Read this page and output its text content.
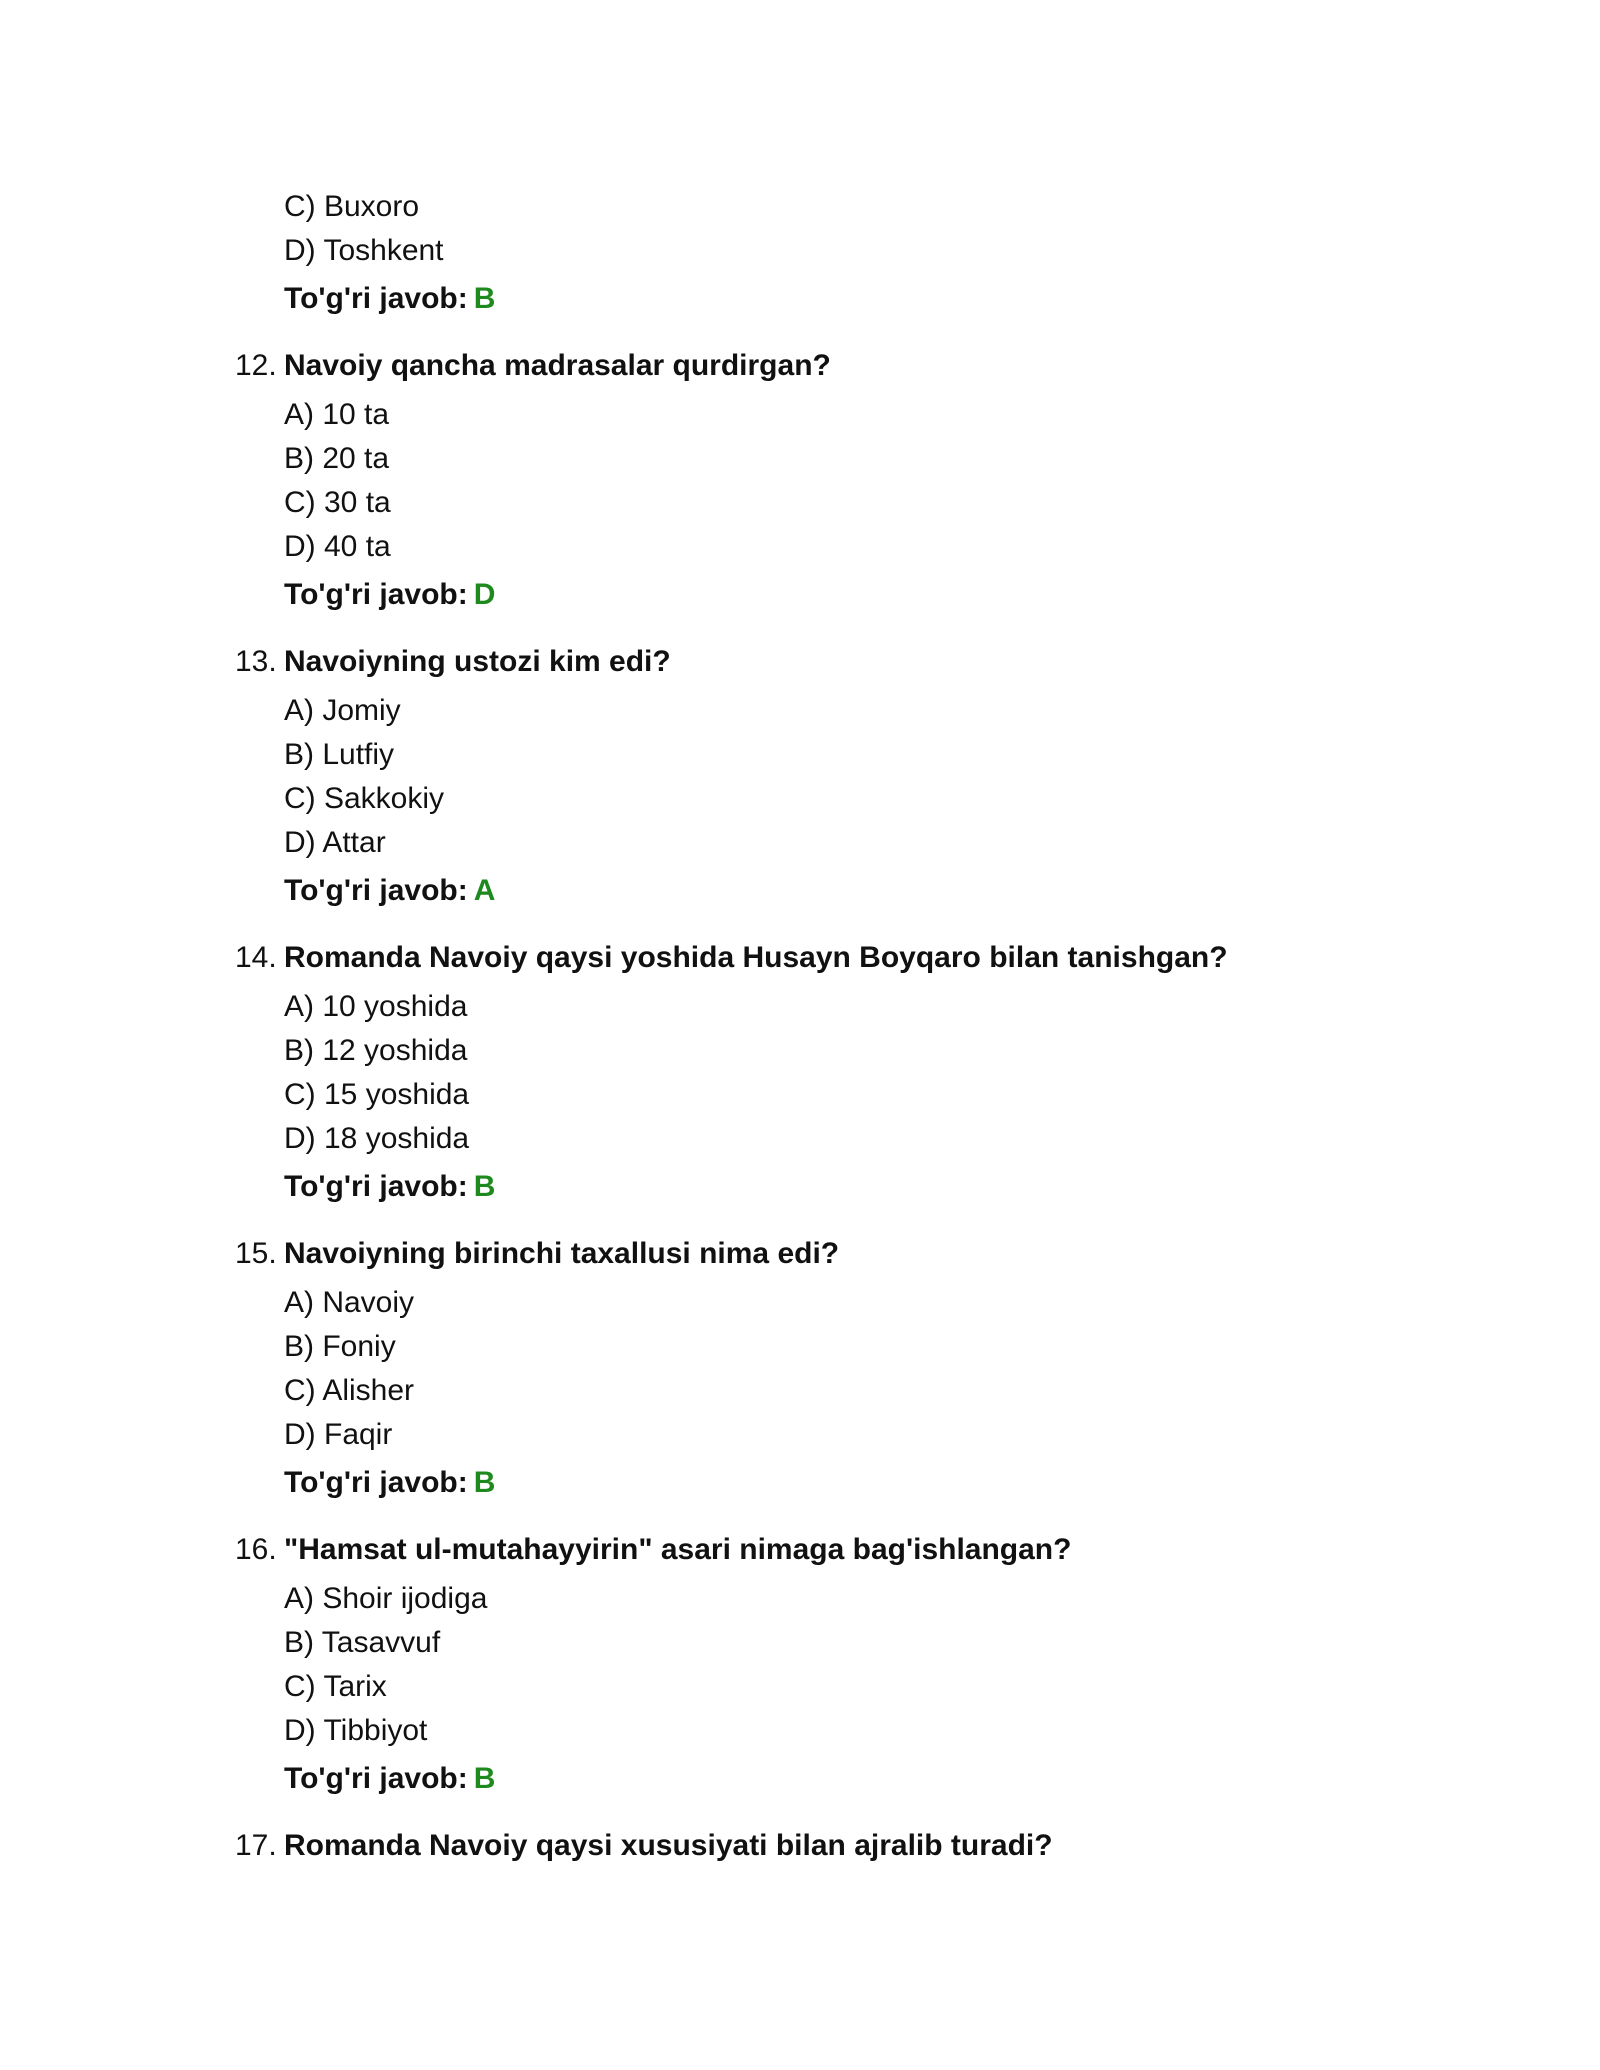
C) Buxoro
D) Toshkent
To'g'ri javob: B
12. Navoiy qancha madrasalar qurdirgan?
A) 10 ta
B) 20 ta
C) 30 ta
D) 40 ta
To'g'ri javob: D
13. Navoiyning ustozi kim edi?
A) Jomiy
B) Lutfiy
C) Sakkokiy
D) Attar
To'g'ri javob: A
14. Romanda Navoiy qaysi yoshida Husayn Boyqaro bilan tanishgan?
A) 10 yoshida
B) 12 yoshida
C) 15 yoshida
D) 18 yoshida
To'g'ri javob: B
15. Navoiyning birinchi taxallusi nima edi?
A) Navoiy
B) Foniy
C) Alisher
D) Faqir
To'g'ri javob: B
16. "Hamsat ul-mutahayyirin" asari nimaga bag'ishlangan?
A) Shoir ijodiga
B) Tasavvuf
C) Tarix
D) Tibbiyot
To'g'ri javob: B
17. Romanda Navoiy qaysi xususiyati bilan ajralib turadi?
